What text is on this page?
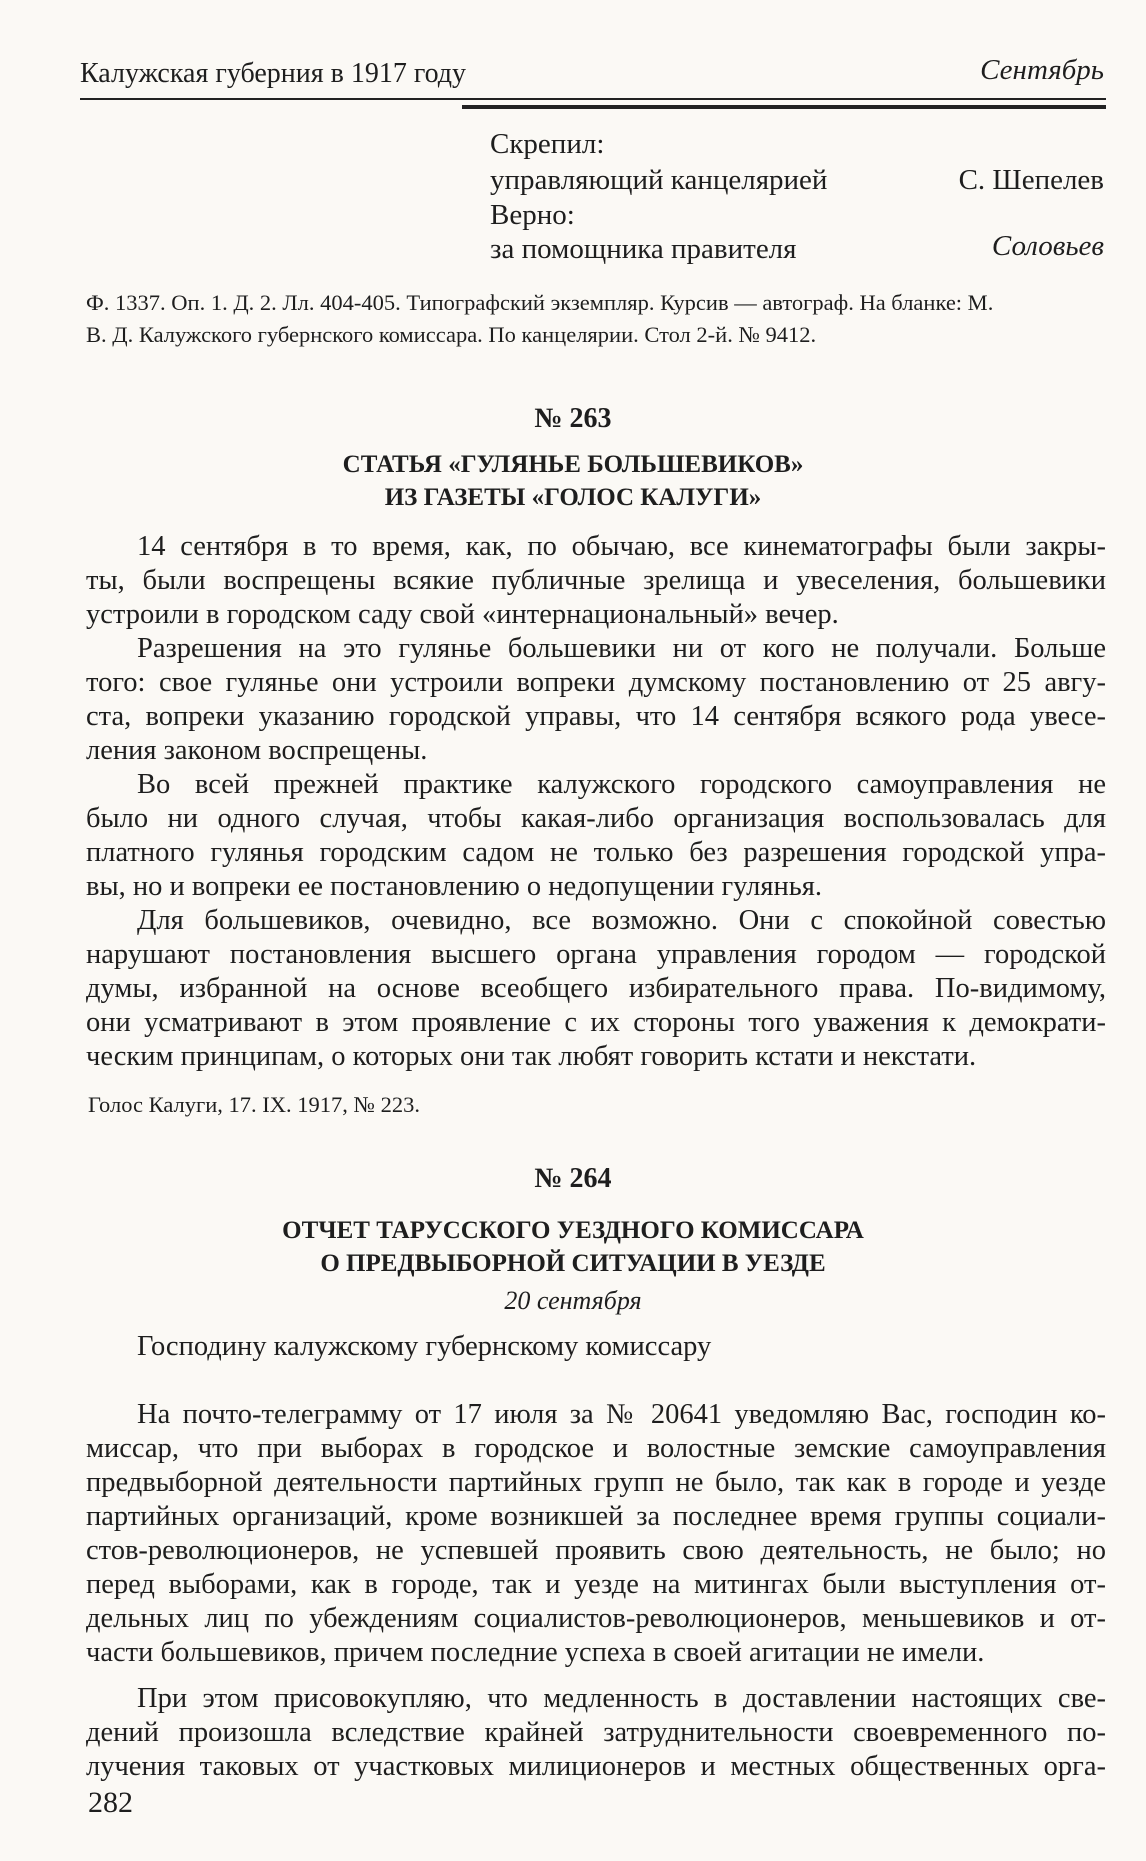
Калужская губерния в 1917 году	Сентябрь
Скрепил:
управляющий канцелярией	С. Шепелев
Верно:
за помощника правителя	Соловьев
Ф. 1337. Оп. 1. Д. 2. Лл. 404-405. Типографский экземпляр. Курсив — автограф. На бланке: М.
В. Д. Калужского губернского комиссара. По канцелярии. Стол 2-й. № 9412.
№ 263
СТАТЬЯ «ГУЛЯНЬЕ БОЛЬШЕВИКОВ»
ИЗ ГАЗЕТЫ «ГОЛОС КАЛУГИ»
14 сентября в то время, как, по обычаю, все кинематографы были закры-
ты, были воспрещены всякие публичные зрелища и увеселения, большевики
устроили в городском саду свой «интернациональный» вечер.
Разрешения на это гулянье большевики ни от кого не получали. Больше
того: свое гулянье они устроили вопреки думскому постановлению от 25 авгу-
ста, вопреки указанию городской управы, что 14 сентября всякого рода увесе-
ления законом воспрещены.
Во всей прежней практике калужского городского самоуправления не
было ни одного случая, чтобы какая-либо организация воспользовалась для
платного гулянья городским садом не только без разрешения городской упра-
вы, но и вопреки ее постановлению о недопущении гулянья.
Для большевиков, очевидно, все возможно. Они с спокойной совестью
нарушают постановления высшего органа управления городом — городской
думы, избранной на основе всеобщего избирательного права. По-видимому,
они усматривают в этом проявление с их стороны того уважения к демократи-
ческим принципам, о которых они так любят говорить кстати и некстати.
Голос Калуги, 17. IX. 1917, № 223.
№ 264
ОТЧЕТ ТАРУССКОГО УЕЗДНОГО КОМИССАРА
О ПРЕДВЫБОРНОЙ СИТУАЦИИ В УЕЗДЕ
20 сентября
Господину калужскому губернскому комиссару
На почто-телеграмму от 17 июля за № 20641 уведомляю Вас, господин ко-
миссар, что при выборах в городское и волостные земские самоуправления
предвыборной деятельности партийных групп не было, так как в городе и уезде
партийных организаций, кроме возникшей за последнее время группы социали-
стов-революционеров, не успевшей проявить свою деятельность, не было; но
перед выборами, как в городе, так и уезде на митингах были выступления от-
дельных лиц по убеждениям социалистов-революционеров, меньшевиков и от-
части большевиков, причем последние успеха в своей агитации не имели.
При этом присовокупляю, что медленность в доставлении настоящих све-
дений произошла вследствие крайней затруднительности своевременного по-
лучения таковых от участковых милиционеров и местных общественных орга-
282
